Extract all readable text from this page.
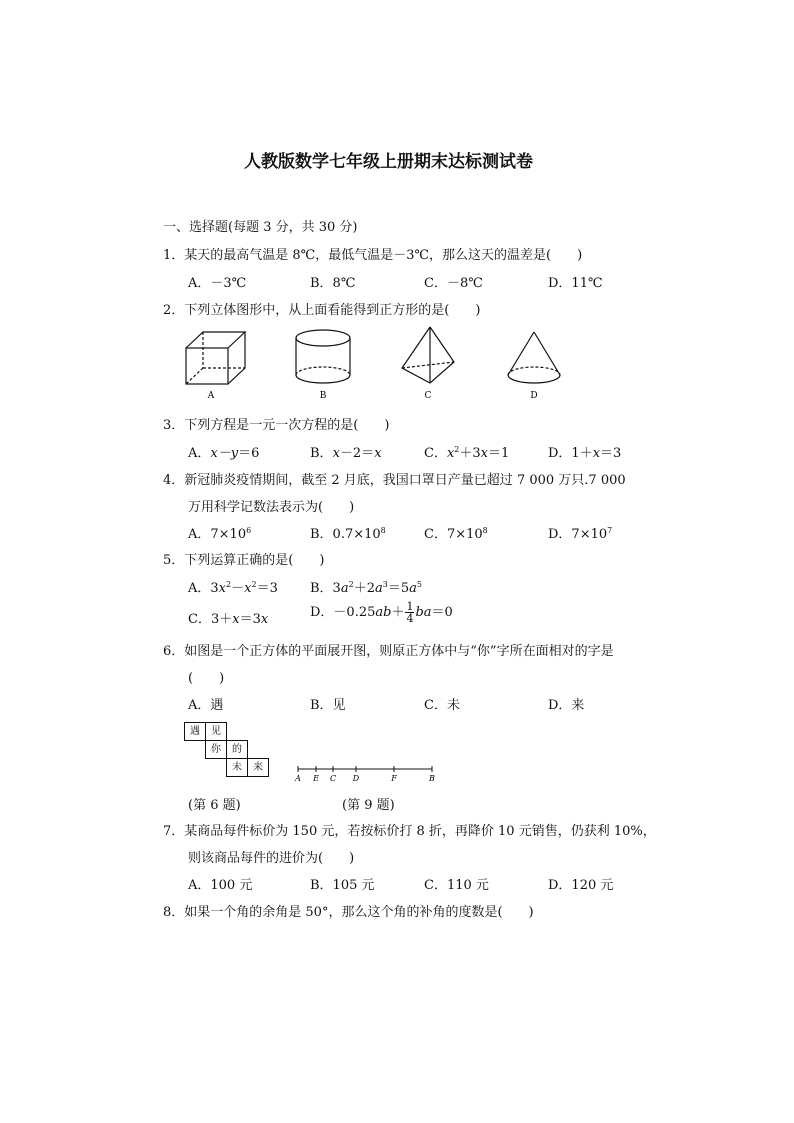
人教版数学七年级上册期末达标测试卷
一、选择题(每题 3 分，共 30 分)
1．某天的最高气温是 8℃，最低气温是－3℃，那么这天的温差是(　　)
A．－3℃	B．8℃	C．－8℃	D．11℃
2．下列立体图形中，从上面看能得到正方形的是(　　)
A	B	C	D
3．下列方程是一元一次方程的是(　　)
A．x－y＝6	B．x－2＝x	C．$x^2+3x=1$	D．1＋x＝3
4．新冠肺炎疫情期间，截至 2 月底，我国口罩日产量已超过 7 000 万只.7 000
万用科学记数法表示为(　　)
A．$7\times 10^6$	B．$0.7\times 10^8$	C．$7\times 10^8$	D．$7\times 10^7$
5．下列运算正确的是(　　)
A．$3x^2-x^2=3$ B．$3a^2+2a^3=5a^5$
C．3＋x＝3x	D．$-0.25ab+ \frac{1}{4} ba=0$
6．如图是一个正方体的平面展开图，则原正方体中与“你”字所在面相对的字是
(　　)
A．遇	B．见	C．未	D．来
遇	见
你	的
未	来
A E C D	F	B
(第 6 题)	(第 9 题)
7．某商品每件标价为 150 元，若按标价打 8 折，再降价 10 元销售，仍获利 10%，
则该商品每件的进价为(　　)
A．100 元	B．105 元	C．110 元	D．120 元
8．如果一个角的余角是 50°，那么这个角的补角的度数是(　　)
